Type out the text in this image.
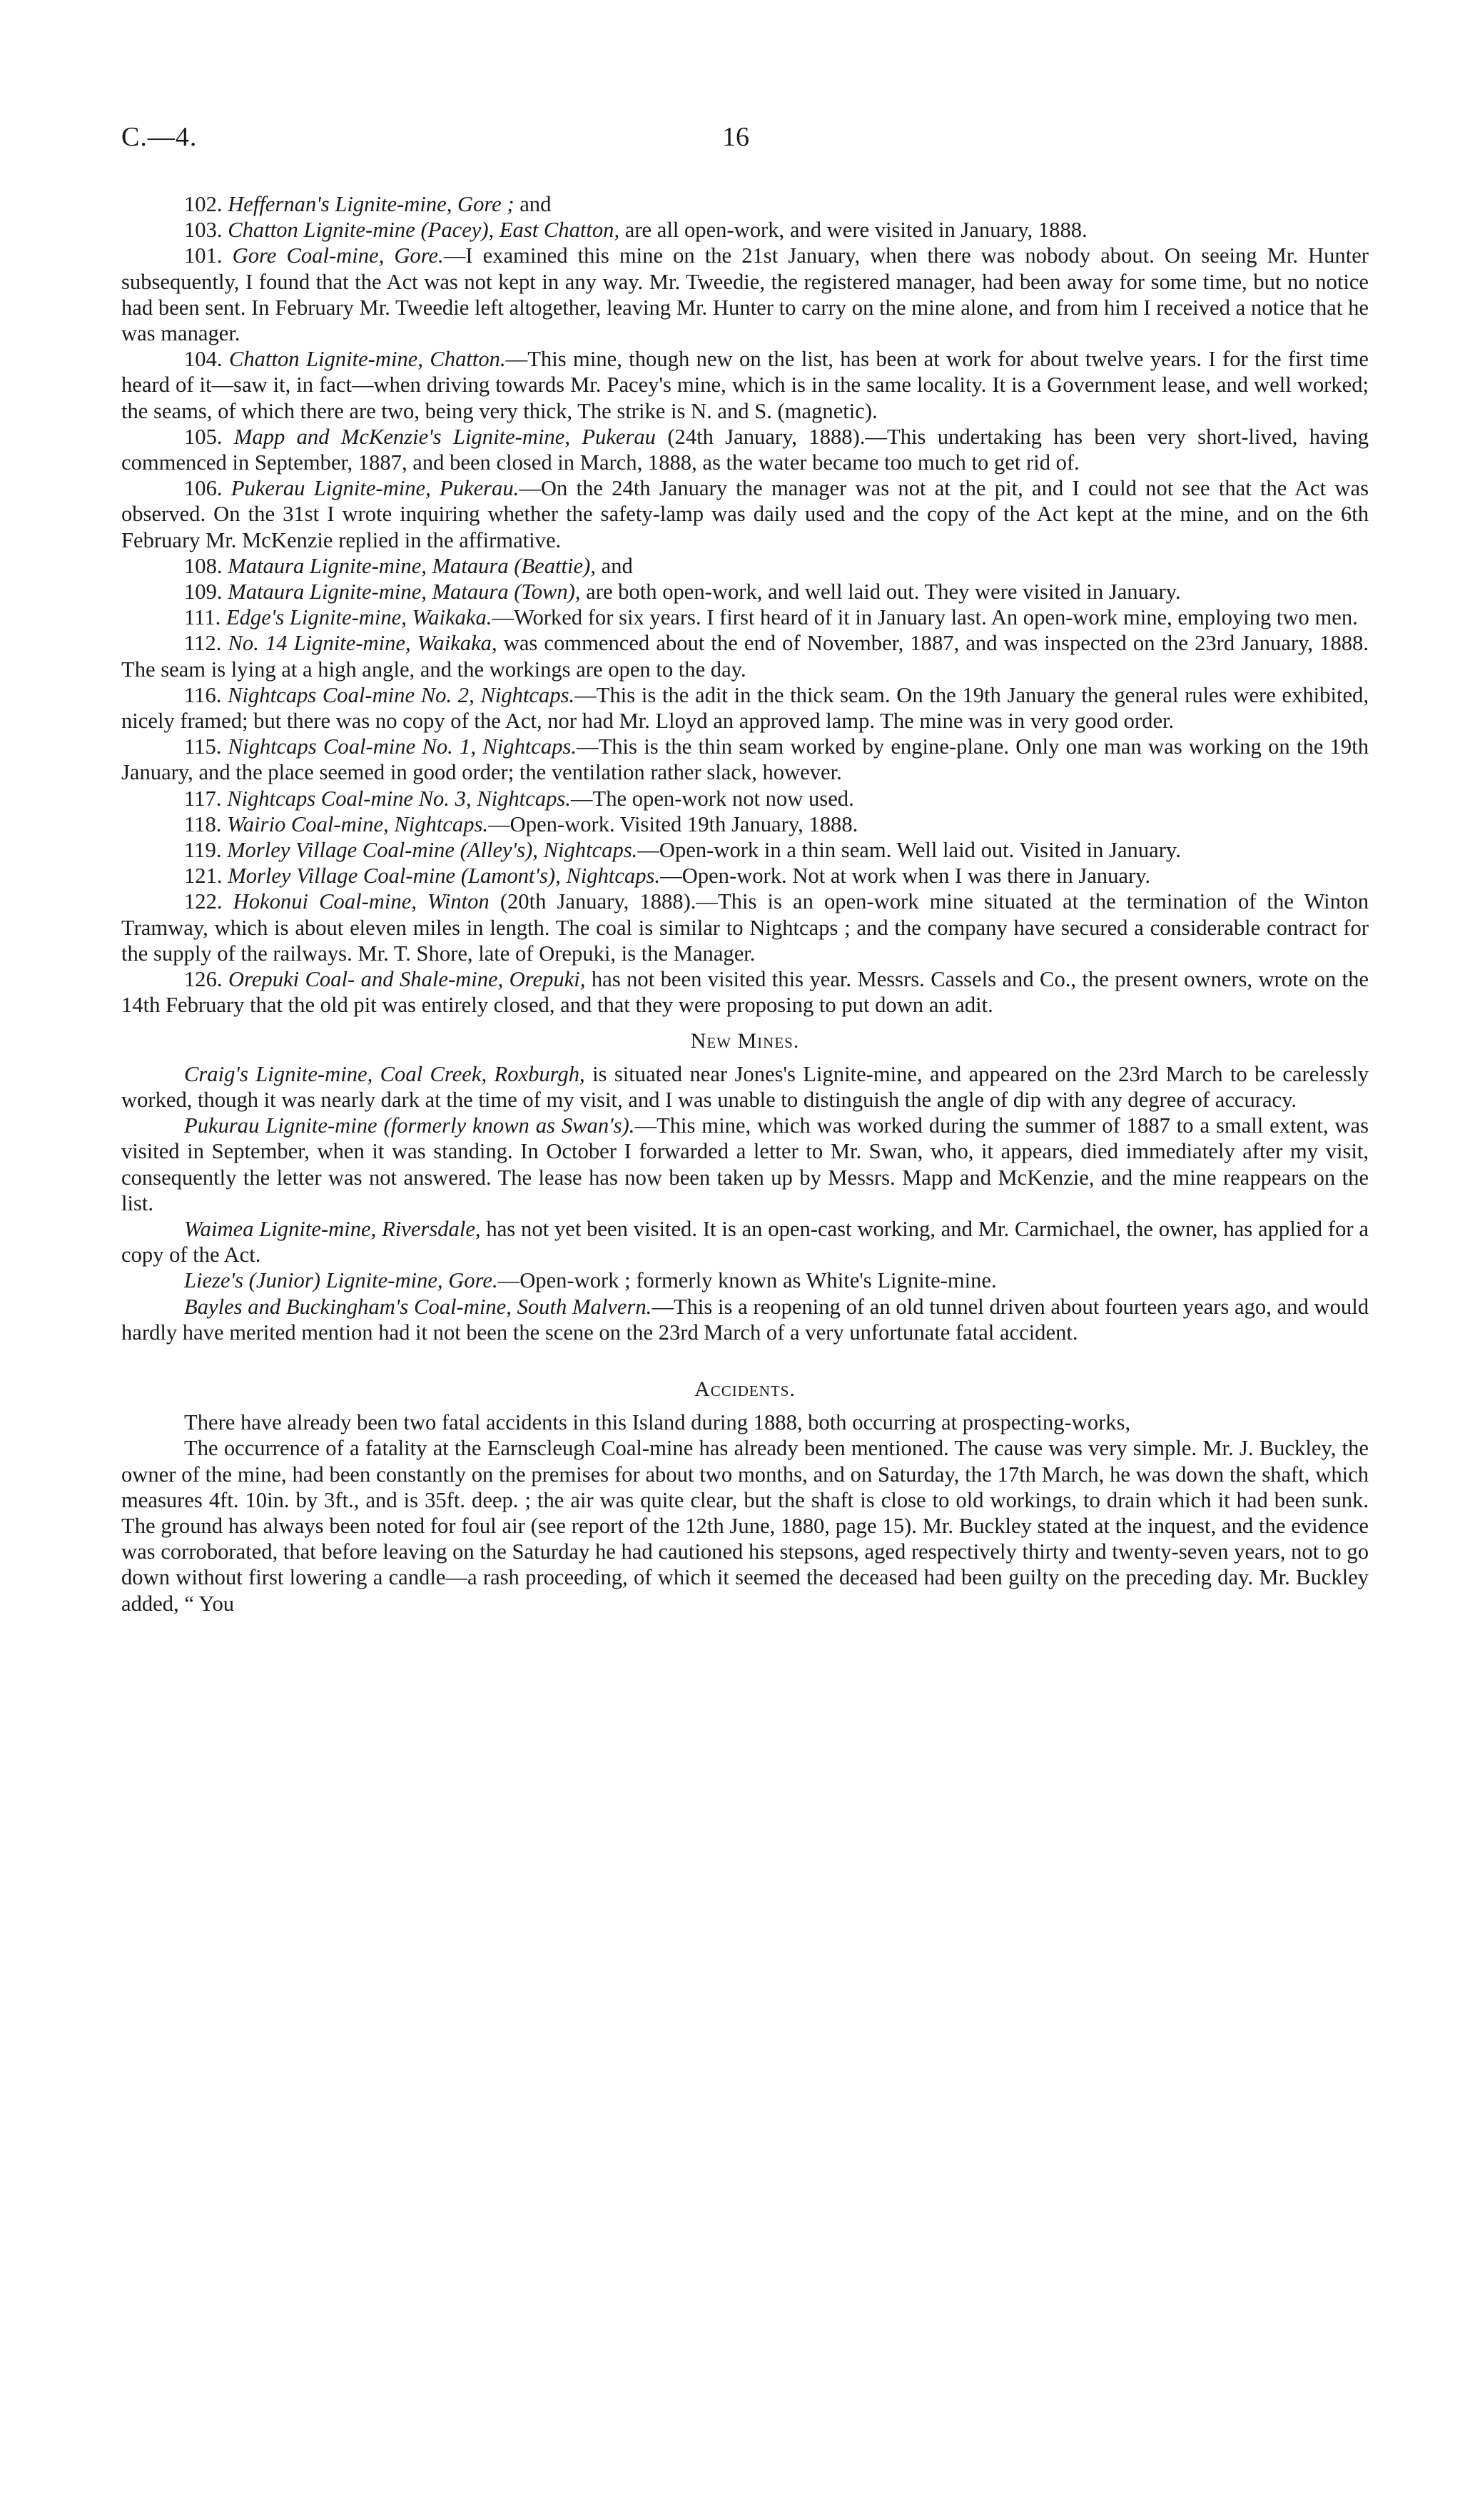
C.—4.	16

102. Heffernan's Lignite-mine, Gore ; and

103. Chatton Lignite-mine (Pacey), East Chatton, are all open-work, and were visited in January, 1888.

101. Gore Coal-mine, Gore.—I examined this mine on the 21st January, when there was nobody about. On seeing Mr. Hunter subsequently, I found that the Act was not kept in any way. Mr. Tweedie, the registered manager, had been away for some time, but no notice had been sent. In February Mr. Tweedie left altogether, leaving Mr. Hunter to carry on the mine alone, and from him I received a notice that he was manager.

104. Chatton Lignite-mine, Chatton.—This mine, though new on the list, has been at work for about twelve years. I for the first time heard of it—saw it, in fact—when driving towards Mr. Pacey's mine, which is in the same locality. It is a Government lease, and well worked; the seams, of which there are two, being very thick, The strike is N. and S. (magnetic).

105. Mapp and McKenzie's Lignite-mine, Pukerau (24th January, 1888).—This undertaking has been very short-lived, having commenced in September, 1887, and been closed in March, 1888, as the water became too much to get rid of.

106. Pukerau Lignite-mine, Pukerau.—On the 24th January the manager was not at the pit, and I could not see that the Act was observed. On the 31st I wrote inquiring whether the safety-lamp was daily used and the copy of the Act kept at the mine, and on the 6th February Mr. McKenzie replied in the affirmative.

108. Mataura Lignite-mine, Mataura (Beattie), and

109. Mataura Lignite-mine, Mataura (Town), are both open-work, and well laid out. They were visited in January.

111. Edge's Lignite-mine, Waikaka.—Worked for six years. I first heard of it in January last. An open-work mine, employing two men.

112. No. 14 Lignite-mine, Waikaka, was commenced about the end of November, 1887, and was inspected on the 23rd January, 1888. The seam is lying at a high angle, and the workings are open to the day.

116. Nightcaps Coal-mine No. 2, Nightcaps.—This is the adit in the thick seam. On the 19th January the general rules were exhibited, nicely framed; but there was no copy of the Act, nor had Mr. Lloyd an approved lamp. The mine was in very good order.

115. Nightcaps Coal-mine No. 1, Nightcaps.—This is the thin seam worked by engine-plane. Only one man was working on the 19th January, and the place seemed in good order; the ventilation rather slack, however.

117. Nightcaps Coal-mine No. 3, Nightcaps.—The open-work not now used.

118. Wairio Coal-mine, Nightcaps.—Open-work. Visited 19th January, 1888.

119. Morley Village Coal-mine (Alley's), Nightcaps.—Open-work in a thin seam. Well laid out. Visited in January.

121. Morley Village Coal-mine (Lamont's), Nightcaps.—Open-work. Not at work when I was there in January.

122. Hokonui Coal-mine, Winton (20th January, 1888).—This is an open-work mine situated at the termination of the Winton Tramway, which is about eleven miles in length. The coal is similar to Nightcaps ; and the company have secured a considerable contract for the supply of the railways. Mr. T. Shore, late of Orepuki, is the Manager.

126. Orepuki Coal- and Shale-mine, Orepuki, has not been visited this year. Messrs. Cassels and Co., the present owners, wrote on the 14th February that the old pit was entirely closed, and that they were proposing to put down an adit.

New Mines.

Craig's Lignite-mine, Coal Creek, Roxburgh, is situated near Jones's Lignite-mine, and appeared on the 23rd March to be carelessly worked, though it was nearly dark at the time of my visit, and I was unable to distinguish the angle of dip with any degree of accuracy.

Pukurau Lignite-mine (formerly known as Swan's).—This mine, which was worked during the summer of 1887 to a small extent, was visited in September, when it was standing. In October I forwarded a letter to Mr. Swan, who, it appears, died immediately after my visit, consequently the letter was not answered. The lease has now been taken up by Messrs. Mapp and McKenzie, and the mine reappears on the list.

Waimea Lignite-mine, Riversdale, has not yet been visited. It is an open-cast working, and Mr. Carmichael, the owner, has applied for a copy of the Act.

Lieze's (Junior) Lignite-mine, Gore.—Open-work ; formerly known as White's Lignite-mine.

Bayles and Buckingham's Coal-mine, South Malvern.—This is a reopening of an old tunnel driven about fourteen years ago, and would hardly have merited mention had it not been the scene on the 23rd March of a very unfortunate fatal accident.

Accidents.

There have already been two fatal accidents in this Island during 1888, both occurring at prospecting-works,

The occurrence of a fatality at the Earnscleugh Coal-mine has already been mentioned. The cause was very simple. Mr. J. Buckley, the owner of the mine, had been constantly on the premises for about two months, and on Saturday, the 17th March, he was down the shaft, which measures 4ft. 10in. by 3ft., and is 35ft. deep. ; the air was quite clear, but the shaft is close to old workings, to drain which it had been sunk. The ground has always been noted for foul air (see report of the 12th June, 1880, page 15). Mr. Buckley stated at the inquest, and the evidence was corroborated, that before leaving on the Saturday he had cautioned his stepsons, aged respectively thirty and twenty-seven years, not to go down without first lowering a candle—a rash proceeding, of which it seemed the deceased had been guilty on the preceding day. Mr. Buckley added, “ You
